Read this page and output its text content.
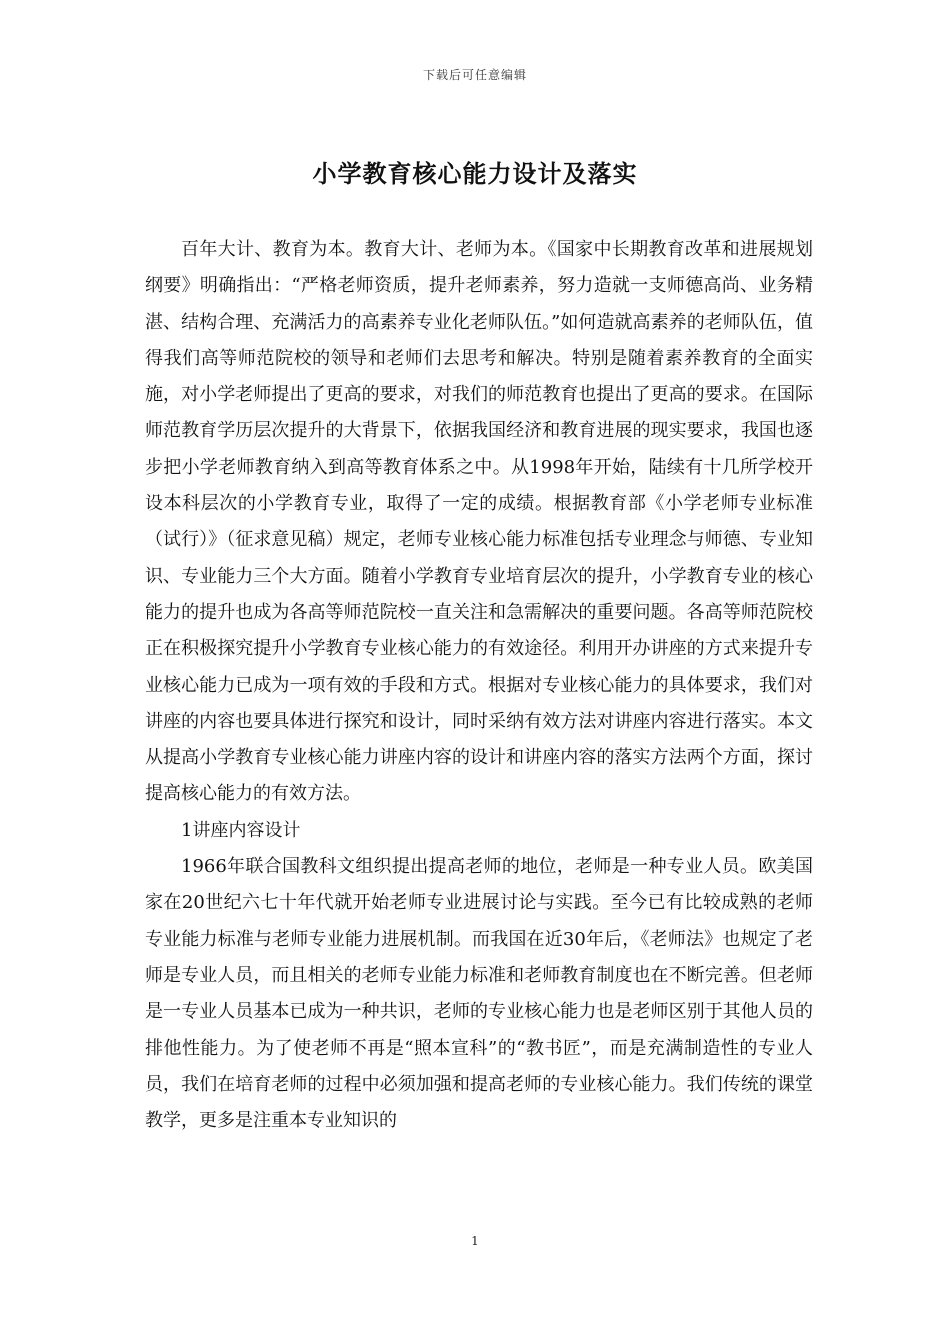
下载后可任意编辑
小学教育核心能力设计及落实

百年大计、教育为本。教育大计、老师为本。《国家中长期教育改革和进展规划纲要》明确指出：“严格老师资质，提升老师素养，努力造就一支师德高尚、业务精湛、结构合理、充满活力的高素养专业化老师队伍。”如何造就高素养的老师队伍，值得我们高等师范院校的领导和老师们去思考和解决。特别是随着素养教育的全面实施，对小学老师提出了更高的要求，对我们的师范教育也提出了更高的要求。在国际师范教育学历层次提升的大背景下，依据我国经济和教育进展的现实要求，我国也逐步把小学老师教育纳入到高等教育体系之中。从1998年开始，陆续有十几所学校开设本科层次的小学教育专业，取得了一定的成绩。根据教育部《小学老师专业标准（试行）》（征求意见稿）规定，老师专业核心能力标准包括专业理念与师德、专业知识、专业能力三个大方面。随着小学教育专业培育层次的提升，小学教育专业的核心能力的提升也成为各高等师范院校一直关注和急需解决的重要问题。各高等师范院校正在积极探究提升小学教育专业核心能力的有效途径。利用开办讲座的方式来提升专业核心能力已成为一项有效的手段和方式。根据对专业核心能力的具体要求，我们对讲座的内容也要具体进行探究和设计，同时采纳有效方法对讲座内容进行落实。本文从提高小学教育专业核心能力讲座内容的设计和讲座内容的落实方法两个方面，探讨提高核心能力的有效方法。

1讲座内容设计

1966年联合国教科文组织提出提高老师的地位，老师是一种专业人员。欧美国家在20世纪六七十年代就开始老师专业进展讨论与实践。至今已有比较成熟的老师专业能力标准与老师专业能力进展机制。而我国在近30年后，《老师法》也规定了老师是专业人员，而且相关的老师专业能力标准和老师教育制度也在不断完善。但老师是一专业人员基本已成为一种共识，老师的专业核心能力也是老师区别于其他人员的排他性能力。为了使老师不再是“照本宣科”的“教书匠”，而是充满制造性的专业人员，我们在培育老师的过程中必须加强和提高老师的专业核心能力。我们传统的课堂教学，更多是注重本专业知识的

1
